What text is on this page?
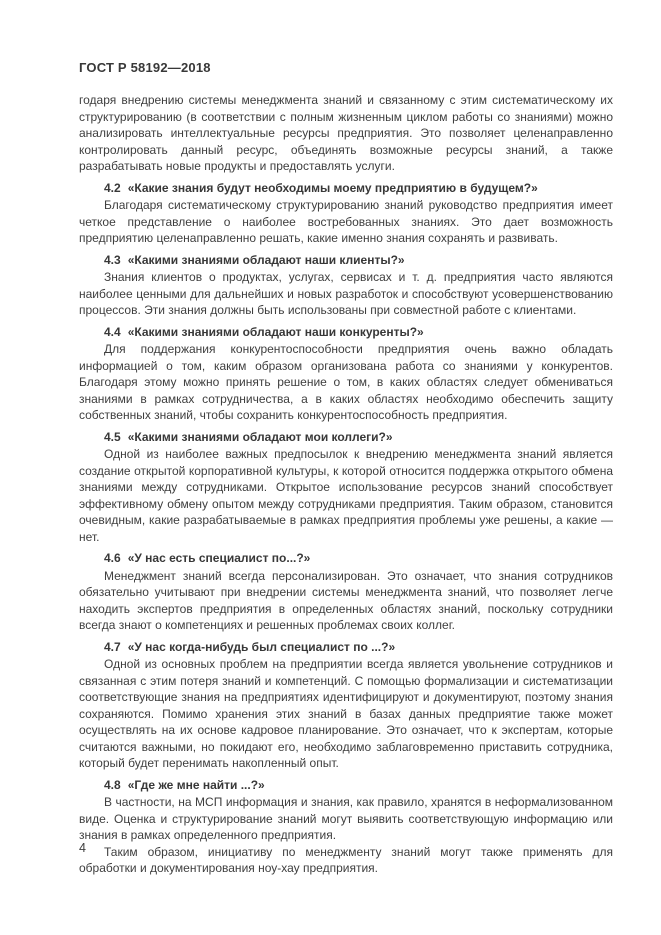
ГОСТ Р 58192—2018

годаря внедрению системы менеджмента знаний и связанному с этим систематическому их структурированию (в соответствии с полным жизненным циклом работы со знаниями) можно анализировать интеллектуальные ресурсы предприятия. Это позволяет целенаправленно контролировать данный ресурс, объединять возможные ресурсы знаний, а также разрабатывать новые продукты и предоставлять услуги.

4.2 «Какие знания будут необходимы моему предприятию в будущем?»

Благодаря систематическому структурированию знаний руководство предприятия имеет четкое представление о наиболее востребованных знаниях. Это дает возможность предприятию целенаправленно решать, какие именно знания сохранять и развивать.

4.3 «Какими знаниями обладают наши клиенты?»

Знания клиентов о продуктах, услугах, сервисах и т. д. предприятия часто являются наиболее ценными для дальнейших и новых разработок и способствуют усовершенствованию процессов. Эти знания должны быть использованы при совместной работе с клиентами.

4.4 «Какими знаниями обладают наши конкуренты?»

Для поддержания конкурентоспособности предприятия очень важно обладать информацией о том, каким образом организована работа со знаниями у конкурентов. Благодаря этому можно принять решение о том, в каких областях следует обмениваться знаниями в рамках сотрудничества, а в каких областях необходимо обеспечить защиту собственных знаний, чтобы сохранить конкурентоспособность предприятия.

4.5 «Какими знаниями обладают мои коллеги?»

Одной из наиболее важных предпосылок к внедрению менеджмента знаний является создание открытой корпоративной культуры, к которой относится поддержка открытого обмена знаниями между сотрудниками. Открытое использование ресурсов знаний способствует эффективному обмену опытом между сотрудниками предприятия. Таким образом, становится очевидным, какие разрабатываемые в рамках предприятия проблемы уже решены, а какие — нет.

4.6 «У нас есть специалист по...?»

Менеджмент знаний всегда персонализирован. Это означает, что знания сотрудников обязательно учитывают при внедрении системы менеджмента знаний, что позволяет легче находить экспертов предприятия в определенных областях знаний, поскольку сотрудники всегда знают о компетенциях и решенных проблемах своих коллег.

4.7 «У нас когда-нибудь был специалист по ...?»

Одной из основных проблем на предприятии всегда является увольнение сотрудников и связанная с этим потеря знаний и компетенций. С помощью формализации и систематизации соответствующие знания на предприятиях идентифицируют и документируют, поэтому знания сохраняются. Помимо хранения этих знаний в базах данных предприятие также может осуществлять на их основе кадровое планирование. Это означает, что к экспертам, которые считаются важными, но покидают его, необходимо заблаговременно приставить сотрудника, который будет перенимать накопленный опыт.

4.8 «Где же мне найти ...?»

В частности, на МСП информация и знания, как правило, хранятся в неформализованном виде. Оценка и структурирование знаний могут выявить соответствующую информацию или знания в рамках определенного предприятия.

Таким образом, инициативу по менеджменту знаний могут также применять для обработки и документирования ноу-хау предприятия.

4
